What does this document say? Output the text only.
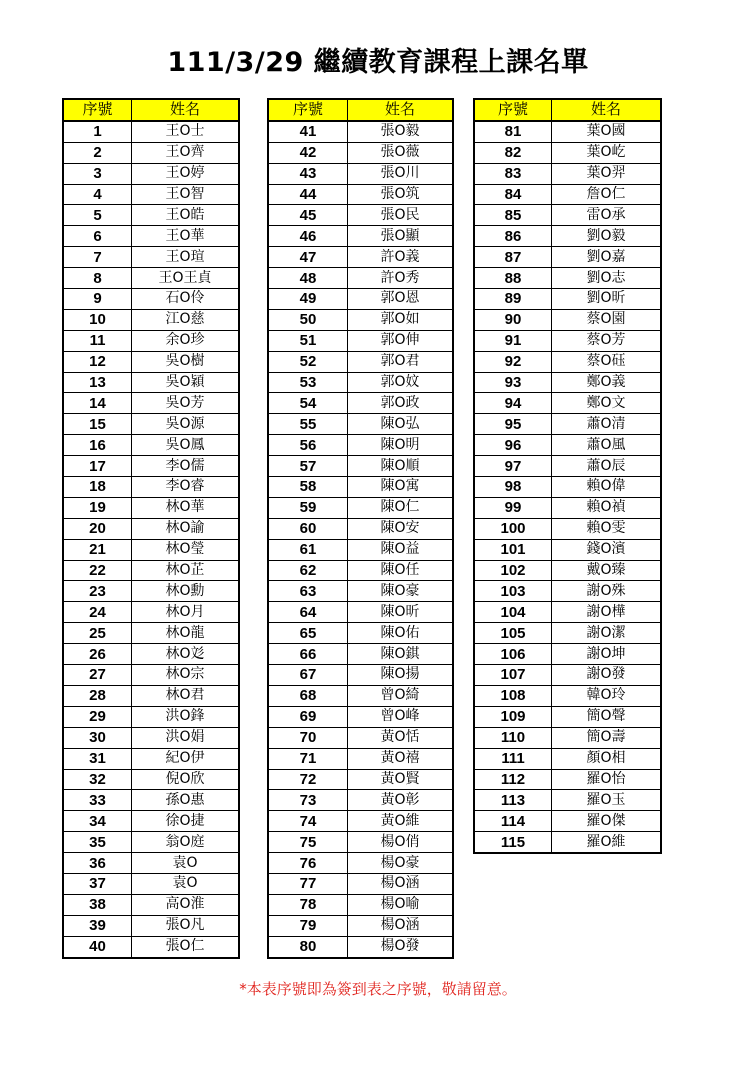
111/3/29 繼續教育課程上課名單
序號	姓名
1	王O士
2	王O齊
3	王O婷
4	王O智
5	王O皓
6	王O華
7	王O瑄
8	王O王貞
9	石O伶
10	江O慈
11	余O珍
12	吳O樹
13	吳O穎
14	吳O芳
15	吳O源
16	吳O鳳
17	李O儒
18	李O睿
19	林O華
20	林O諭
21	林O瑩
22	林O芷
23	林O勳
24	林O月
25	林O龍
26	林O彣
27	林O宗
28	林O君
29	洪O鋒
30	洪O娟
31	紀O伊
32	倪O欣
33	孫O惠
34	徐O捷
35	翁O庭
36	袁O
37	袁O
38	高O淮
39	張O凡
40	張O仁
序號	姓名
41	張O毅
42	張O薇
43	張O川
44	張O筑
45	張O民
46	張O顯
47	許O義
48	許O秀
49	郭O恩
50	郭O如
51	郭O伸
52	郭O君
53	郭O妏
54	郭O政
55	陳O弘
56	陳O明
57	陳O順
58	陳O寓
59	陳O仁
60	陳O安
61	陳O益
62	陳O任
63	陳O豪
64	陳O昕
65	陳O佑
66	陳O錤
67	陳O揚
68	曾O綺
69	曾O峰
70	黃O恬
71	黃O禧
72	黃O賢
73	黃O彰
74	黃O維
75	楊O俏
76	楊O豪
77	楊O涵
78	楊O喻
79	楊O涵
80	楊O發
序號	姓名
81	葉O國
82	葉O屹
83	葉O羿
84	詹O仁
85	雷O承
86	劉O毅
87	劉O嘉
88	劉O志
89	劉O昕
90	蔡O園
91	蔡O芳
92	蔡O砡
93	鄭O義
94	鄭O文
95	蕭O清
96	蕭O風
97	蕭O辰
98	賴O偉
99	賴O禎
100	賴O雯
101	錢O濱
102	戴O臻
103	謝O殊
104	謝O樺
105	謝O潔
106	謝O坤
107	謝O發
108	韓O玲
109	簡O聲
110	簡O壽
111	顏O相
112	羅O怡
113	羅O玉
114	羅O傑
115	羅O維
*本表序號即為簽到表之序號，敬請留意。
